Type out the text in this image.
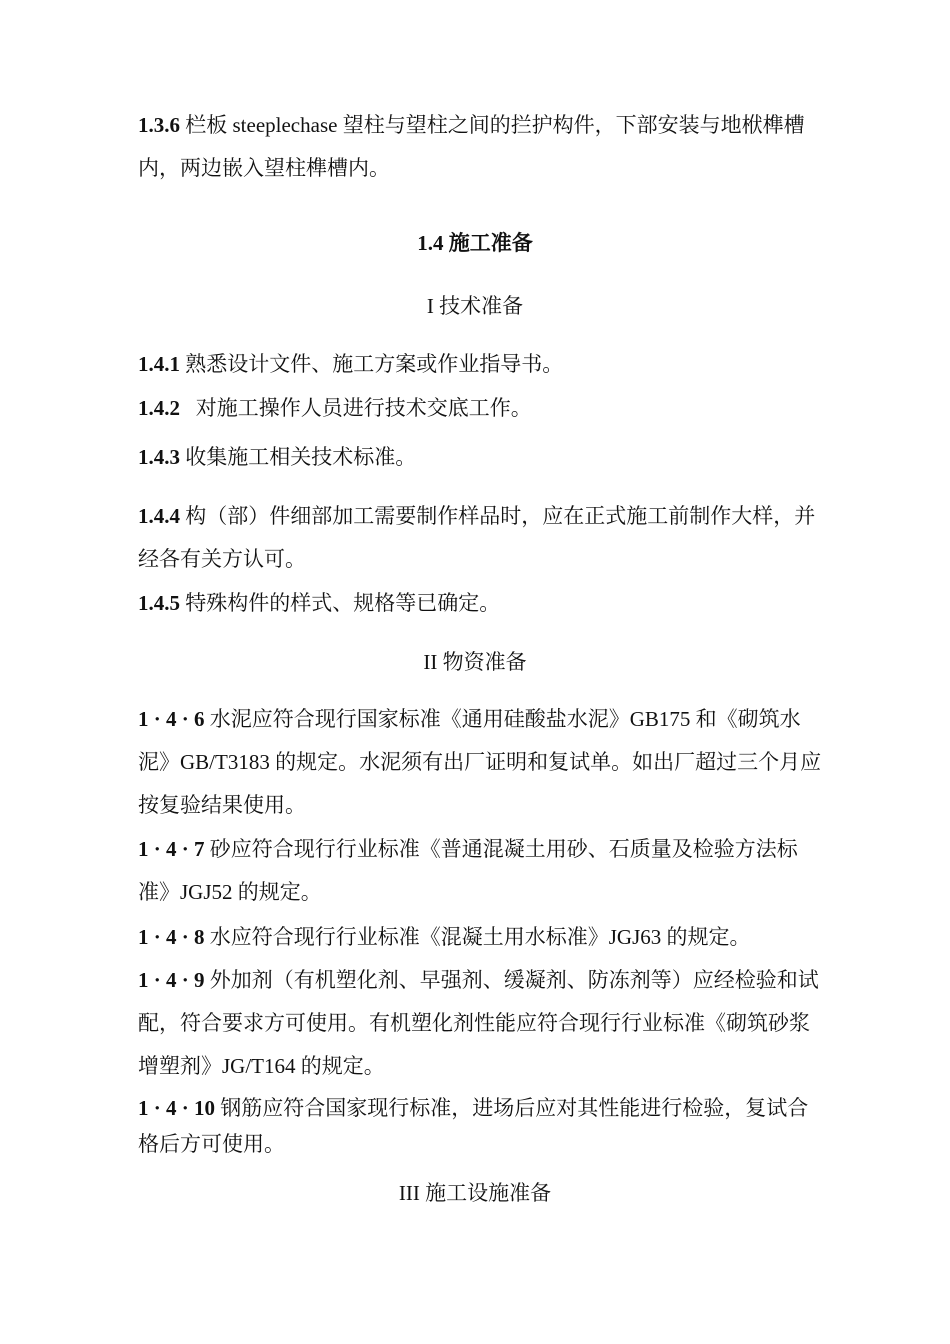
1.3.6 栏板 steeplechase 望柱与望柱之间的拦护构件，下部安装与地栿榫槽内，两边嵌入望柱榫槽内。

1.4 施工准备
I 技术准备

1.4.1 熟悉设计文件、施工方案或作业指导书。

1.4.2   对施工操作人员进行技术交底工作。

1.4.3 收集施工相关技术标准。

1.4.4 构（部）件细部加工需要制作样品时，应在正式施工前制作大样，并经各有关方认可。

1.4.5 特殊构件的样式、规格等已确定。

II 物资准备

1 · 4 · 6 水泥应符合现行国家标准《通用硅酸盐水泥》GB175 和《砌筑水泥》GB/T3183 的规定。水泥须有出厂证明和复试单。如出厂超过三个月应按复验结果使用。

1 · 4 · 7 砂应符合现行行业标准《普通混凝土用砂、石质量及检验方法标准》JGJ52 的规定。

1 · 4 · 8 水应符合现行行业标准《混凝土用水标准》JGJ63 的规定。

1 · 4 · 9 外加剂（有机塑化剂、早强剂、缓凝剂、防冻剂等）应经检验和试配，符合要求方可使用。有机塑化剂性能应符合现行行业标准《砌筑砂浆增塑剂》JG/T164 的规定。

1 · 4 · 10 钢筋应符合国家现行标准，进场后应对其性能进行检验，复试合格后方可使用。

III 施工设施准备
